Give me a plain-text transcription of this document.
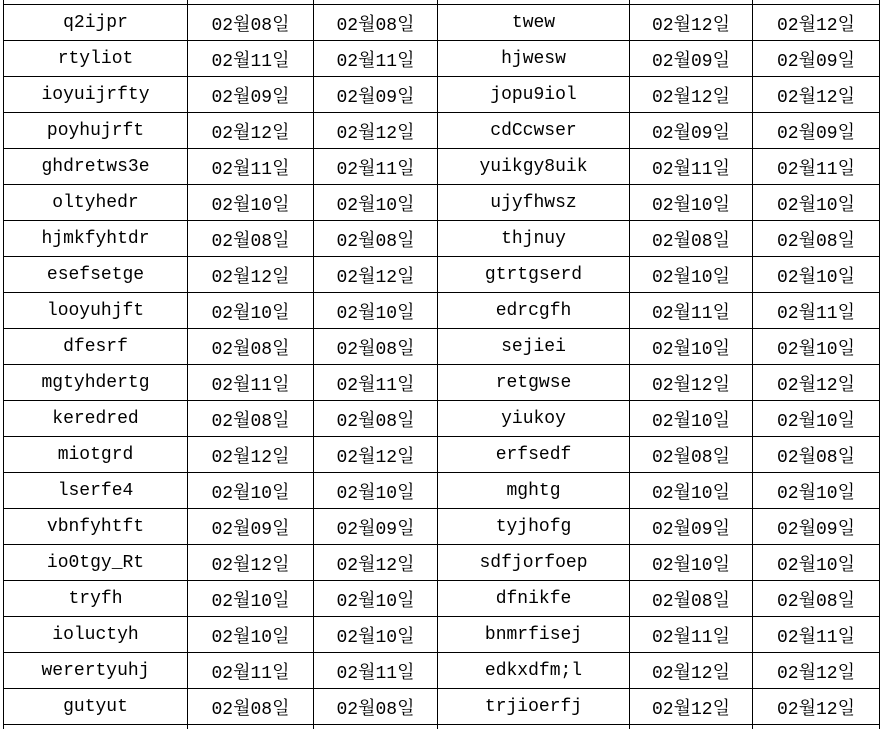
q2ijpr	02월08일	02월08일	twew	02월12일	02월12일
rtyliot	02월11일	02월11일	hjwesw	02월09일	02월09일
ioyuijrfty	02월09일	02월09일	jopu9iol	02월12일	02월12일
poyhujrft	02월12일	02월12일	cdCcwser	02월09일	02월09일
ghdretws3e	02월11일	02월11일	yuikgy8uik	02월11일	02월11일
oltyhedr	02월10일	02월10일	ujyfhwsz	02월10일	02월10일
hjmkfyhtdr	02월08일	02월08일	thjnuy	02월08일	02월08일
esefsetge	02월12일	02월12일	gtrtgserd	02월10일	02월10일
looyuhjft	02월10일	02월10일	edrcgfh	02월11일	02월11일
dfesrf	02월08일	02월08일	sejiei	02월10일	02월10일
mgtyhdertg	02월11일	02월11일	retgwse	02월12일	02월12일
keredred	02월08일	02월08일	yiukoy	02월10일	02월10일
miotgrd	02월12일	02월12일	erfsedf	02월08일	02월08일
lserfe4	02월10일	02월10일	mghtg	02월10일	02월10일
vbnfyhtft	02월09일	02월09일	tyjhofg	02월09일	02월09일
io0tgy_Rt	02월12일	02월12일	sdfjorfoep	02월10일	02월10일
tryfh	02월10일	02월10일	dfnikfe	02월08일	02월08일
ioluctyh	02월10일	02월10일	bnmrfisej	02월11일	02월11일
werertyuhj	02월11일	02월11일	edkxdfm;l	02월12일	02월12일
gutyut	02월08일	02월08일	trjioerfj	02월12일	02월12일
